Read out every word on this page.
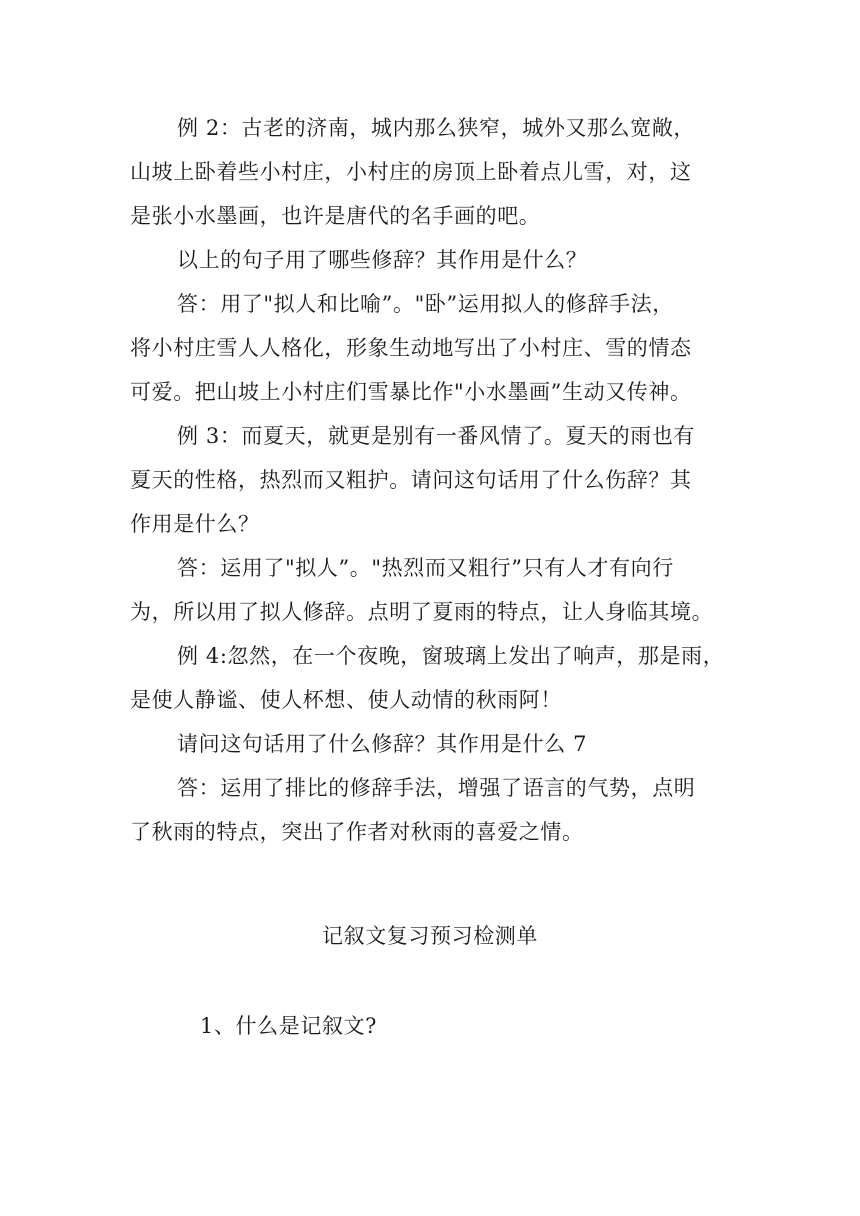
例 2：古老的济南，城内那么狭窄，城外又那么宽敞，
山坡上卧着些小村庄，小村庄的房顶上卧着点儿雪，对，这
是张小水墨画，也许是唐代的名手画的吧。
以上的句子用了哪些修辞？其作用是什么？
答：用了"拟人和比喻”。"卧”运用拟人的修辞手法，
将小村庄雪人人格化，形象生动地写出了小村庄、雪的情态
可爱。把山坡上小村庄们雪暴比作"小水墨画”生动又传神。
例 3：而夏天，就更是别有一番风情了。夏天的雨也有
夏天的性格，热烈而又粗护。请问这句话用了什么伤辞？其
作用是什么？
答：运用了"拟人”。"热烈而又粗行”只有人才有向行
为，所以用了拟人修辞。点明了夏雨的特点，让人身临其境。
例 4:忽然，在一个夜晚，窗玻璃上发出了响声，那是雨，
是使人静谧、使人杯想、使人动情的秋雨阿！
请问这句话用了什么修辞？其作用是什么 7
答：运用了排比的修辞手法，增强了语言的气势，点明
了秋雨的特点，突出了作者对秋雨的喜爱之情。
记叙文复习预习检测单
1、什么是记叙文?
